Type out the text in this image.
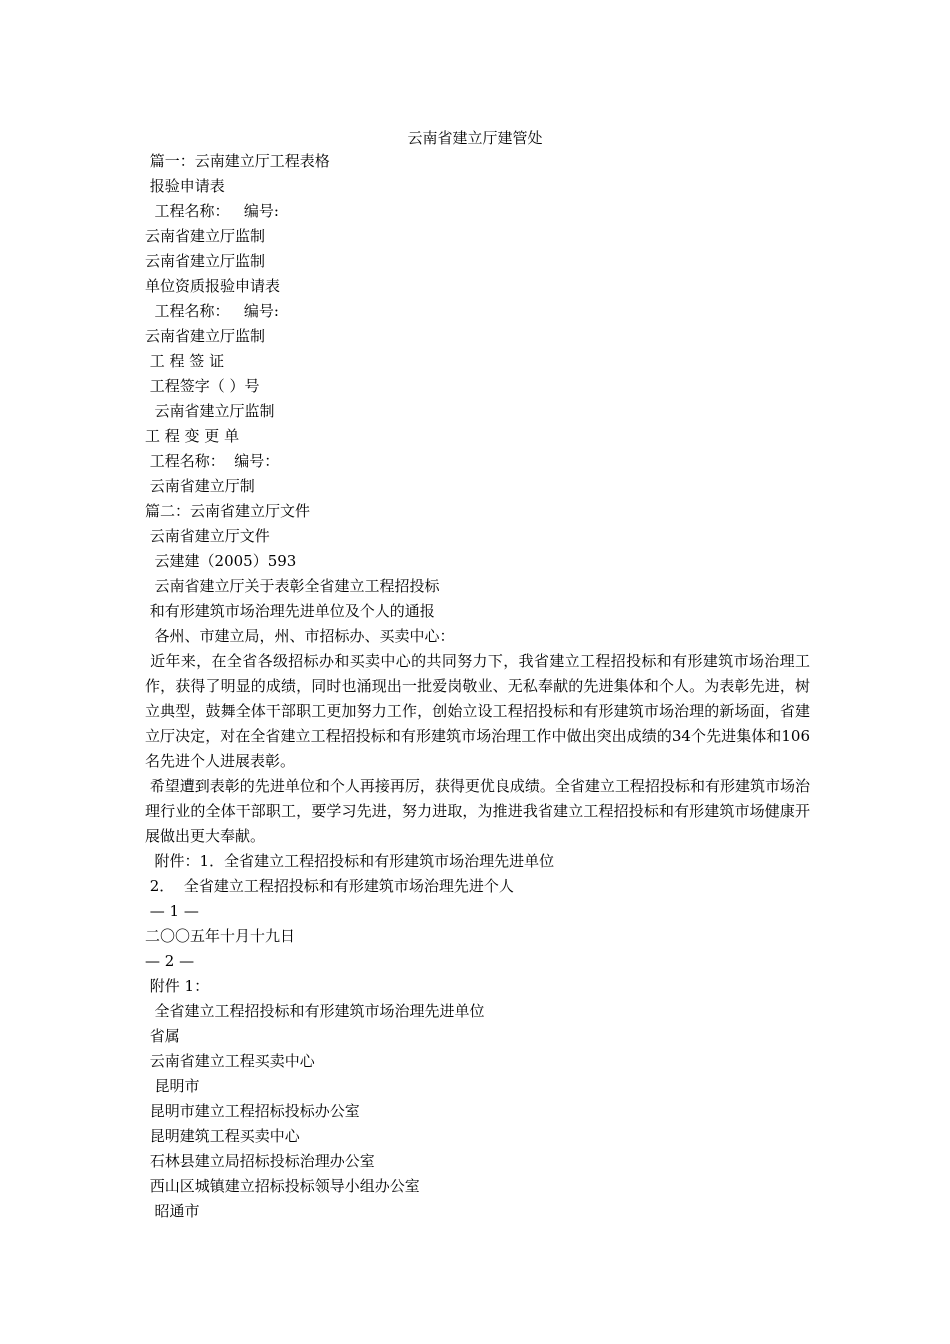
云南省建立厅建管处
篇一：云南建立厅工程表格
报验申请表
工程名称：   编号:
云南省建立厅监制
云南省建立厅监制
单位资质报验申请表
工程名称：   编号:
云南省建立厅监制
工 程 签 证
工程签字（ ）号
云南省建立厅监制
工 程 变 更 单
工程名称：  编号：
云南省建立厅制
篇二：云南省建立厅文件
云南省建立厅文件
云建建（2005）593
云南省建立厅关于表彰全省建立工程招投标
和有形建筑市场治理先进单位及个人的通报
各州、市建立局，州、市招标办、买卖中心：
近年来，在全省各级招标办和买卖中心的共同努力下，我省建立工程招投标和有形建筑市场治理工作，获得了明显的成绩，同时也涌现出一批爱岗敬业、无私奉献的先进集体和个人。为表彰先进，树立典型，鼓舞全体干部职工更加努力工作，创始立设工程招投标和有形建筑市场治理的新场面，省建立厅决定，对在全省建立工程招投标和有形建筑市场治理工作中做出突出成绩的34个先进集体和106名先进个人进展表彰。
希望遭到表彰的先进单位和个人再接再厉，获得更优良成绩。全省建立工程招投标和有形建筑市场治理行业的全体干部职工，要学习先进，努力进取，为推进我省建立工程招投标和有形建筑市场健康开展做出更大奉献。
附件：1．全省建立工程招投标和有形建筑市场治理先进单位
2．  全省建立工程招投标和有形建筑市场治理先进个人
— 1 —
二〇〇五年十月十九日
— 2 —
附件 1：
全省建立工程招投标和有形建筑市场治理先进单位
省属
云南省建立工程买卖中心
昆明市
昆明市建立工程招标投标办公室
昆明建筑工程买卖中心
石林县建立局招标投标治理办公室
西山区城镇建立招标投标领导小组办公室
昭通市
